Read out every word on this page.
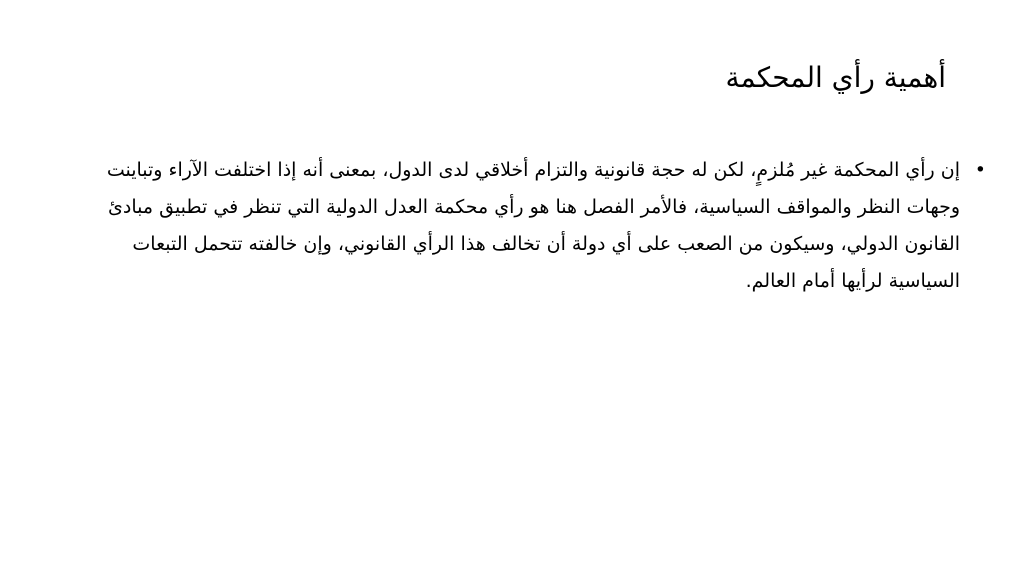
أهمية رأي المحكمة
•
إن رأي المحكمة غير مُلزمٍ، لكن له حجة قانونية والتزام أخلاقي لدى الدول، بمعنى أنه إذا اختلفت الآراء وتباينت وجهات النظر والمواقف السياسية، فالأمر الفصل هنا هو رأي محكمة العدل الدولية التي تنظر في تطبيق مبادئ القانون الدولي، وسيكون من الصعب على أي دولة أن تخالف هذا الرأي القانوني، وإن خالفته تتحمل التبعات السياسية لرأيها أمام العالم.
